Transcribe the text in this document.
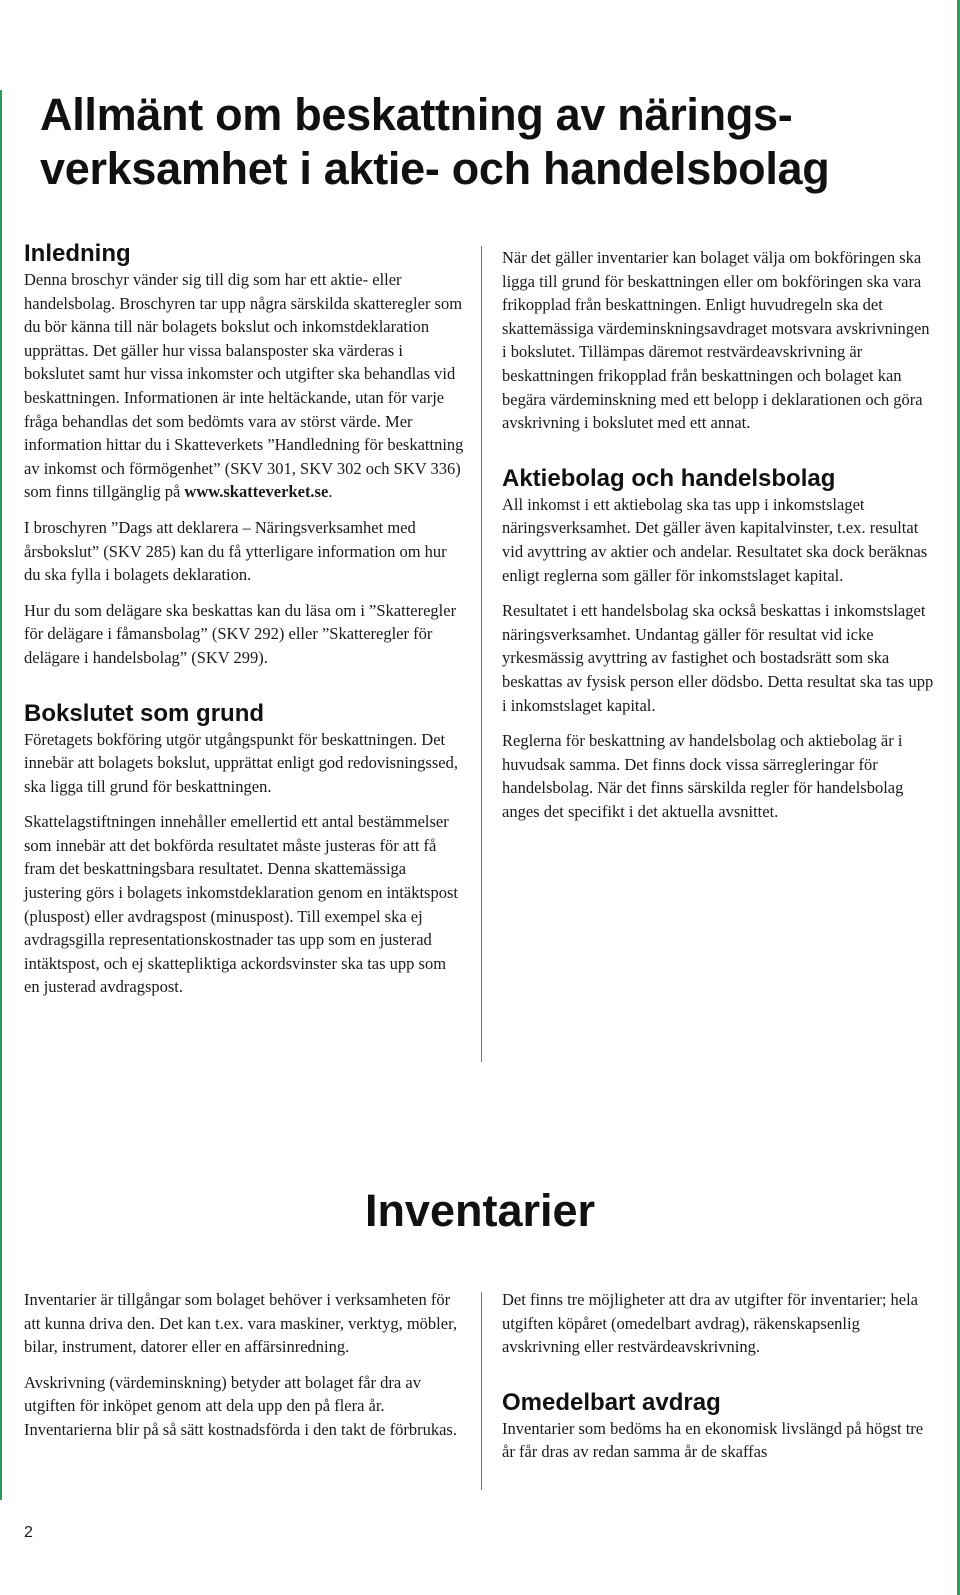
Allmänt om beskattning av närings-
verksamhet i aktie- och handelsbolag
Inledning

Denna broschyr vänder sig till dig som har ett aktie- eller handelsbolag. Broschyren tar upp några särskilda skatteregler som du bör känna till när bolagets bokslut och inkomstdeklaration upprättas. Det gäller hur vissa balansposter ska värderas i bokslutet samt hur vissa inkomster och utgifter ska behandlas vid beskattningen. Informationen är inte heltäckande, utan för varje fråga behandlas det som bedömts vara av störst värde. Mer information hittar du i Skatteverkets ”Handledning för beskattning av inkomst och förmögenhet” (SKV 301, SKV 302 och SKV 336) som finns tillgänglig på www.skatteverket.se.

I broschyren ”Dags att deklarera – Näringsverksamhet med årsbokslut” (SKV 285) kan du få ytterligare information om hur du ska fylla i bolagets deklaration.

Hur du som delägare ska beskattas kan du läsa om i ”Skatteregler för delägare i fåmansbolag” (SKV 292) eller ”Skatteregler för delägare i handelsbolag” (SKV 299).

Bokslutet som grund

Företagets bokföring utgör utgångspunkt för beskattningen. Det innebär att bolagets bokslut, upprättat enligt god redovisningssed, ska ligga till grund för beskattningen.

Skattelagstiftningen innehåller emellertid ett antal bestämmelser som innebär att det bokförda resultatet måste justeras för att få fram det beskattningsbara resultatet. Denna skattemässiga justering görs i bolagets inkomstdeklaration genom en intäktspost (pluspost) eller avdragspost (minuspost). Till exempel ska ej avdragsgilla representationskostnader tas upp som en justerad intäktspost, och ej skattepliktiga ackordsvinster ska tas upp som en justerad avdragspost.

När det gäller inventarier kan bolaget välja om bokföringen ska ligga till grund för beskattningen eller om bokföringen ska vara frikopplad från beskattningen. Enligt huvudregeln ska det skattemässiga värdeminskningsavdraget motsvara avskrivningen i bokslutet. Tillämpas däremot restvärdeavskrivning är beskattningen frikopplad från beskattningen och bolaget kan begära värdeminskning med ett belopp i deklarationen och göra avskrivning i bokslutet med ett annat.

Aktiebolag och handelsbolag

All inkomst i ett aktiebolag ska tas upp i inkomstslaget näringsverksamhet. Det gäller även kapitalvinster, t.ex. resultat vid avyttring av aktier och andelar. Resultatet ska dock beräknas enligt reglerna som gäller för inkomstslaget kapital.

Resultatet i ett handelsbolag ska också beskattas i inkomstslaget näringsverksamhet. Undantag gäller för resultat vid icke yrkesmässig avyttring av fastighet och bostadsrätt som ska beskattas av fysisk person eller dödsbo. Detta resultat ska tas upp i inkomstslaget kapital.

Reglerna för beskattning av handelsbolag och aktiebolag är i huvudsak samma. Det finns dock vissa särregleringar för handelsbolag. När det finns särskilda regler för handelsbolag anges det specifikt i det aktuella avsnittet.

Inventarier

Inventarier är tillgångar som bolaget behöver i verksamheten för att kunna driva den. Det kan t.ex. vara maskiner, verktyg, möbler, bilar, instrument, datorer eller en affärsinredning.

Avskrivning (värdeminskning) betyder att bolaget får dra av utgiften för inköpet genom att dela upp den på flera år. Inventarierna blir på så sätt kostnadsförda i den takt de förbrukas.

Det finns tre möjligheter att dra av utgifter för inventarier; hela utgiften köpåret (omedelbart avdrag), räkenskapsenlig avskrivning eller restvärdeavskrivning.

Omedelbart avdrag

Inventarier som bedöms ha en ekonomisk livslängd på högst tre år får dras av redan samma år de skaffas

2
